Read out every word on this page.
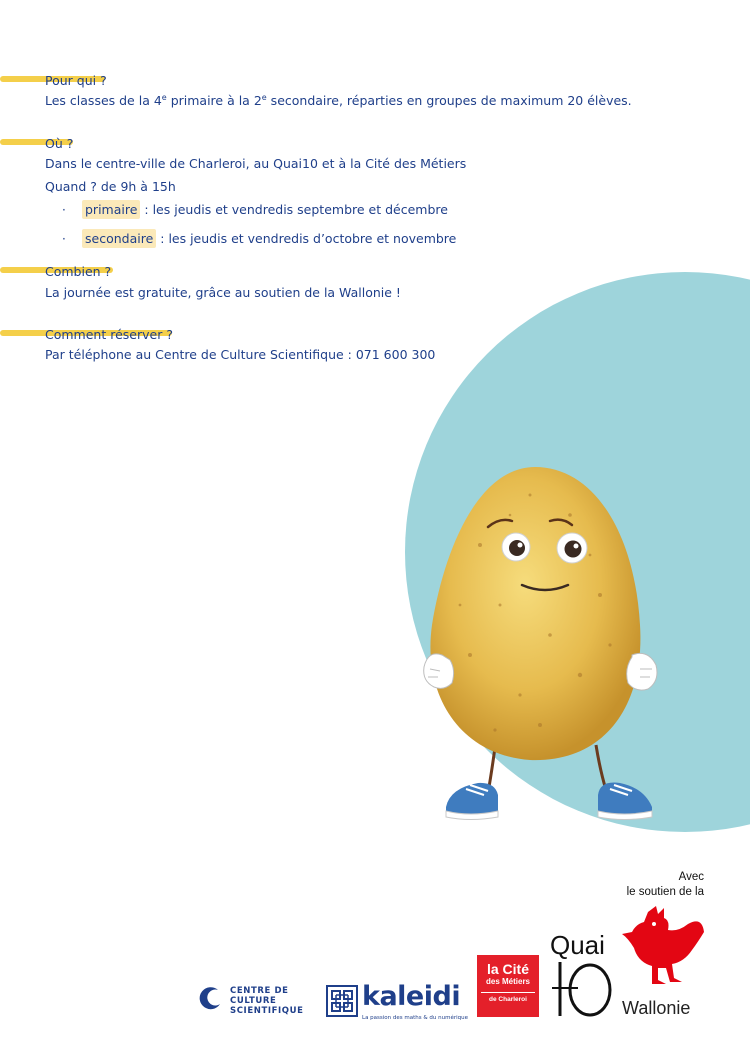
Pour qui ?
Les classes de la 4e primaire à la 2e secondaire, réparties en groupes de maximum 20 élèves.
Où ?
Dans le centre-ville de Charleroi, au Quai10 et à la Cité des Métiers
Quand ? de 9h à 15h
· primaire : les jeudis et vendredis septembre et décembre
· secondaire : les jeudis et vendredis d’octobre et novembre
Combien ?
La journée est gratuite, grâce au soutien de la Wallonie !
Comment réserver ?
Par téléphone au Centre de Culture Scientifique : 071 600 300
CENTRE DE
CULTURE
SCIENTIFIQUE	kaleidi
La passion des maths & du numérique
la Cité
des Métiers
de Charleroi
Quai
Avec
le soutien de la
Wallonie
